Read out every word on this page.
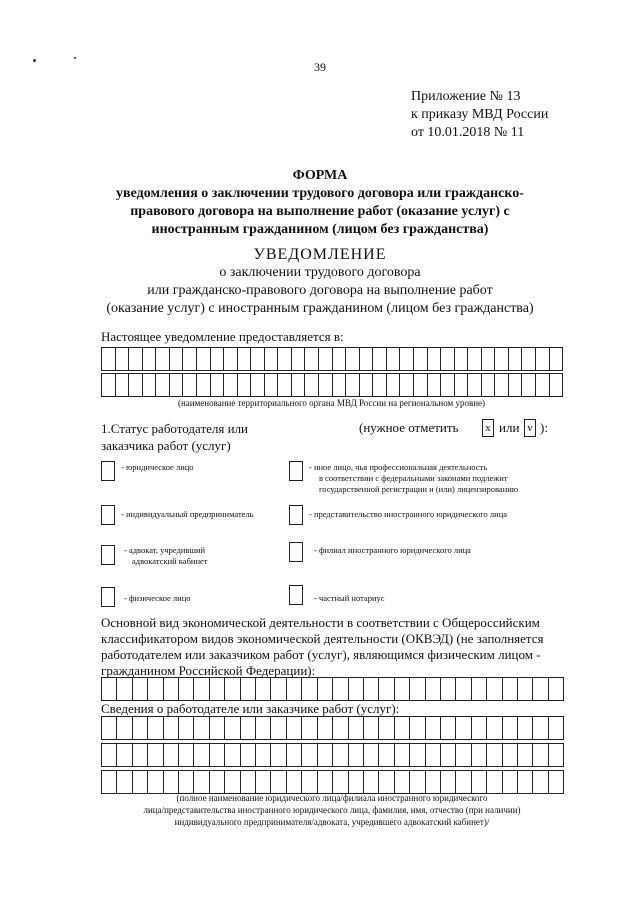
39
Приложение № 13
к приказу МВД России
от 10.01.2018 № 11
ФОРМА
уведомления о заключении трудового договора или гражданско-
правового договора на выполнение работ (оказание услуг) с
иностранным гражданином (лицом без гражданства)
УВЕДОМЛЕНИЕ
о заключении трудового договора
или гражданско-правового договора на выполнение работ
(оказание услуг) с иностранным гражданином (лицом без гражданства)
Настоящее уведомление предоставляется в:
(наименование территориального органа МВД России на региональном уровне)
1.Статус работодателя или
заказчика работ (услуг)
(нужное отметить х или v ):
- юридическое лицо
- индивидуальный предприниматель
- адвокат, учредивший
адвокатский кабинет
- физическое лицо
- иное лицо, чья профессиональная деятельность
в соответствии с федеральными законами подлежит
государственной регистрации и (или) лицензированию
- представительство иностранного юридического лица
- филиал иностранного юридического лица
- частный нотариус
Основной вид экономической деятельности в соответствии с Общероссийским
классификатором видов экономической деятельности (ОКВЭД) (не заполняется
работодателем или заказчиком работ (услуг), являющимся физическим лицом -
гражданином Российской Федерации):
Сведения о работодателе или заказчике работ (услуг):
(полное наименование юридического лица/филиала иностранного юридического
лица/представительства иностранного юридического лица, фамилия, имя, отчество (при наличии)
индивидуального предпринимателя/адвоката, учредившего адвокатский кабинет)/
